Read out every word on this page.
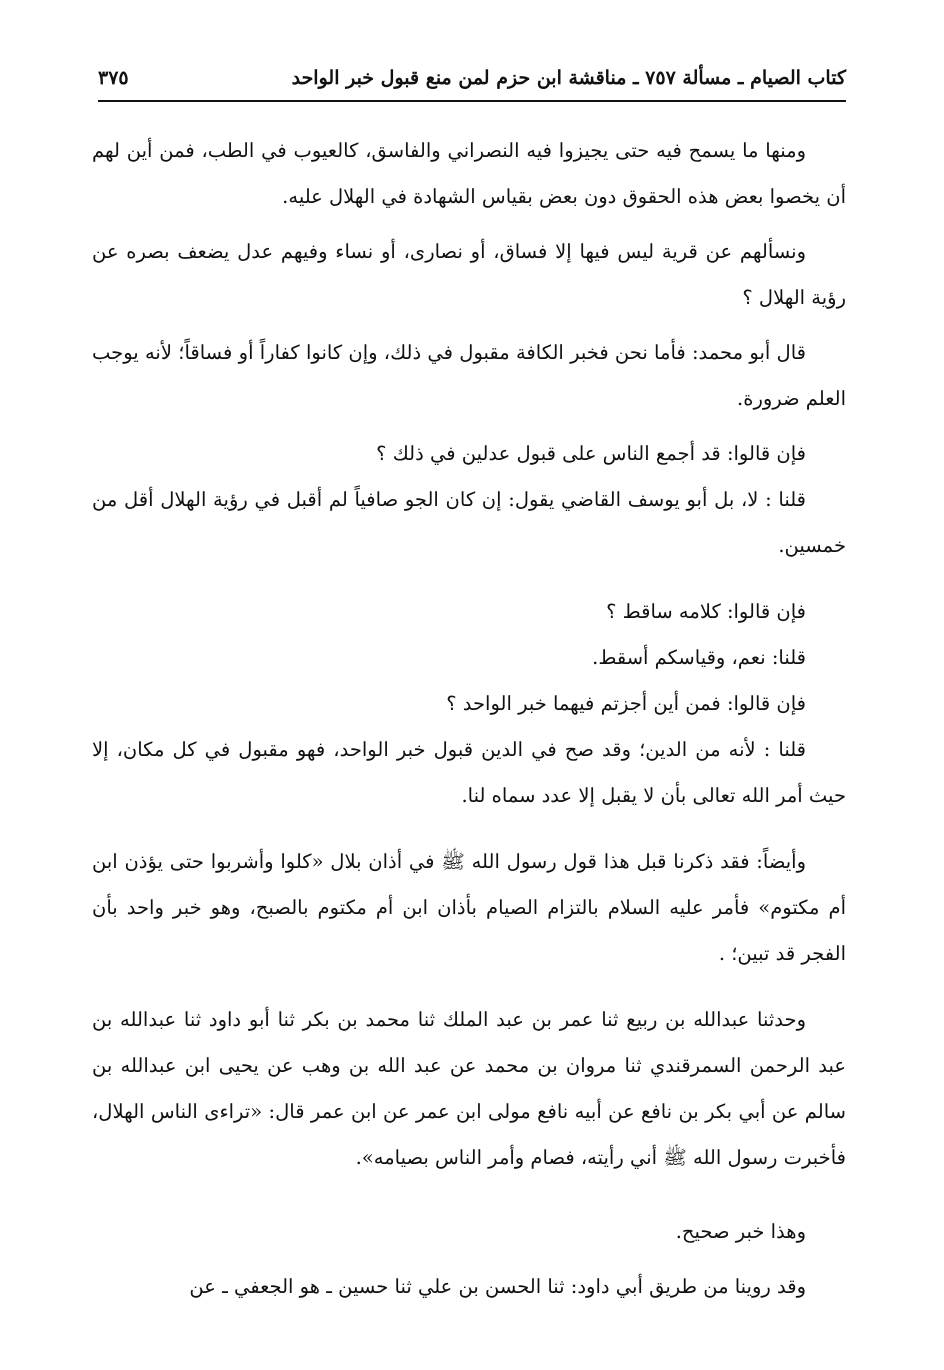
كتاب الصيام ـ مسألة ٧٥٧ ـ مناقشة ابن حزم لمن منع قبول خبر الواحد
٣٧٥

ومنها ما يسمح فيه حتى يجيزوا فيه النصراني والفاسق، كالعيوب في الطب، فمن أين لهم أن يخصوا بعض هذه الحقوق دون بعض بقياس الشهادة في الهلال عليه.

ونسألهم عن قرية ليس فيها إلا فساق، أو نصارى، أو نساء وفيهم عدل يضعف بصره عن رؤية الهلال ؟

قال أبو محمد: فأما نحن فخبر الكافة مقبول في ذلك، وإن كانوا كفاراً أو فساقاً؛ لأنه يوجب العلم ضرورة.

فإن قالوا: قد أجمع الناس على قبول عدلين في ذلك ؟

قلنا : لا، بل أبو يوسف القاضي يقول: إن كان الجو صافياً لم أقبل في رؤية الهلال أقل من خمسين.

فإن قالوا: كلامه ساقط ؟

قلنا: نعم، وقياسكم أسقط.

فإن قالوا: فمن أين أجزتم فيهما خبر الواحد ؟

قلنا : لأنه من الدين؛ وقد صح في الدين قبول خبر الواحد، فهو مقبول في كل مكان، إلا حيث أمر الله تعالى بأن لا يقبل إلا عدد سماه لنا.

وأيضاً: فقد ذكرنا قبل هذا قول رسول الله ﷺ في أذان بلال «كلوا وأشربوا حتى يؤذن ابن أم مكتوم» فأمر عليه السلام بالتزام الصيام بأذان ابن أم مكتوم بالصبح، وهو خبر واحد بأن الفجر قد تبين؛ .

وحدثنا عبدالله بن ربيع ثنا عمر بن عبد الملك ثنا محمد بن بكر ثنا أبو داود ثنا عبدالله بن عبد الرحمن السمرقندي ثنا مروان بن محمد عن عبد الله بن وهب عن يحيى ابن عبدالله بن سالم عن أبي بكر بن نافع عن أبيه نافع مولى ابن عمر عن ابن عمر قال: «تراءى الناس الهلال، فأخبرت رسول الله ﷺ أني رأيته، فصام وأمر الناس بصيامه».

وهذا خبر صحيح.

وقد روينا من طريق أبي داود: ثنا الحسن بن علي ثنا حسين ـ هو الجعفي ـ عن
